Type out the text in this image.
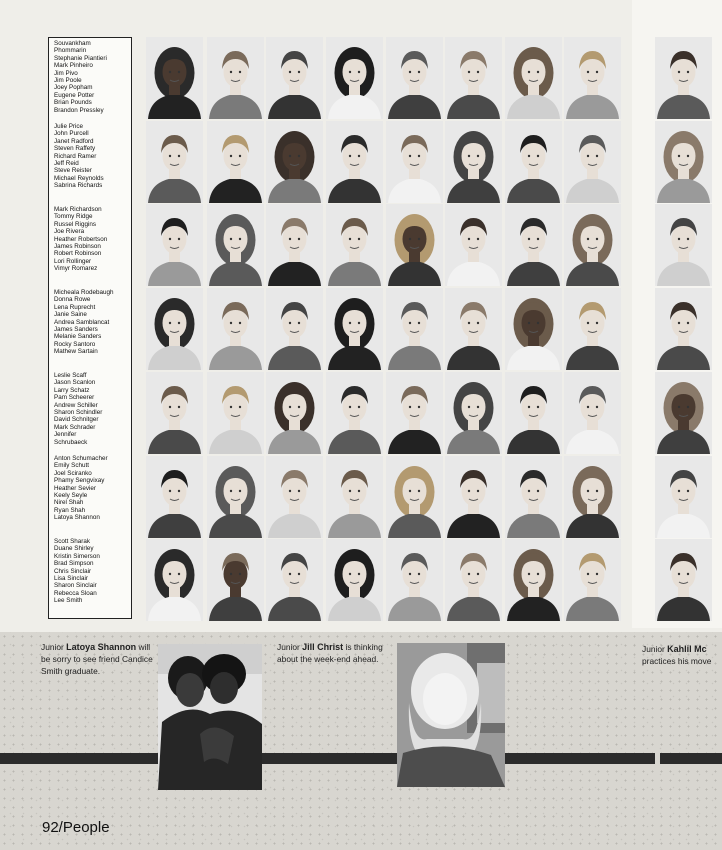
Souvankham
Phommarin
Stephanie Piantieri
Mark Pinheiro
Jim Pivo
Jim Poole
Joey Popham
Eugene Potter
Brian Pounds
Brandon Pressley
Julie Price
John Purcell
Janet Radford
Steven Raffety
Richard Ramer
Jeff Reid
Steve Reister
Michael Reynolds
Sabrina Richards
Mark Richardson
Tommy Ridge
Russel Riggins
Joe Rivera
Heather Robertson
James Robinson
Robert Robinson
Lori Rollinger
Vimyr Romarez
Micheala Rodebaugh
Donna Rowe
Lena Ruprecht
Janie Saine
Andrea Samblancat
James Sanders
Melanie Sanders
Rocky Santoro
Mathew Sartain
Leslie Scaff
Jason Scanlon
Larry Schatz
Pam Scheerer
Andrew Schiller
Sharon Schindler
David Schnitger
Mark Schrader
Jennifer
Schrubaeck
Anton Schumacher
Emily Schutt
Joel Sciranko
Phamy Sengvixay
Heather Sevier
Keely Seyle
Nirel Shah
Ryan Shah
Latoya Shannon
Scott Sharak
Duane Shirley
Kristin Simerson
Brad Simpson
Chris Sinclair
Lisa Sinclair
Sharon Sinclair
Rebecca Sloan
Lee Smith
Junior Latoya Shannon will be sorry to see friend Candice Smith graduate.
Junior Jill Christ is thinking about the week-end ahead.
Junior Kahlil Mc
practices his move
92/People
